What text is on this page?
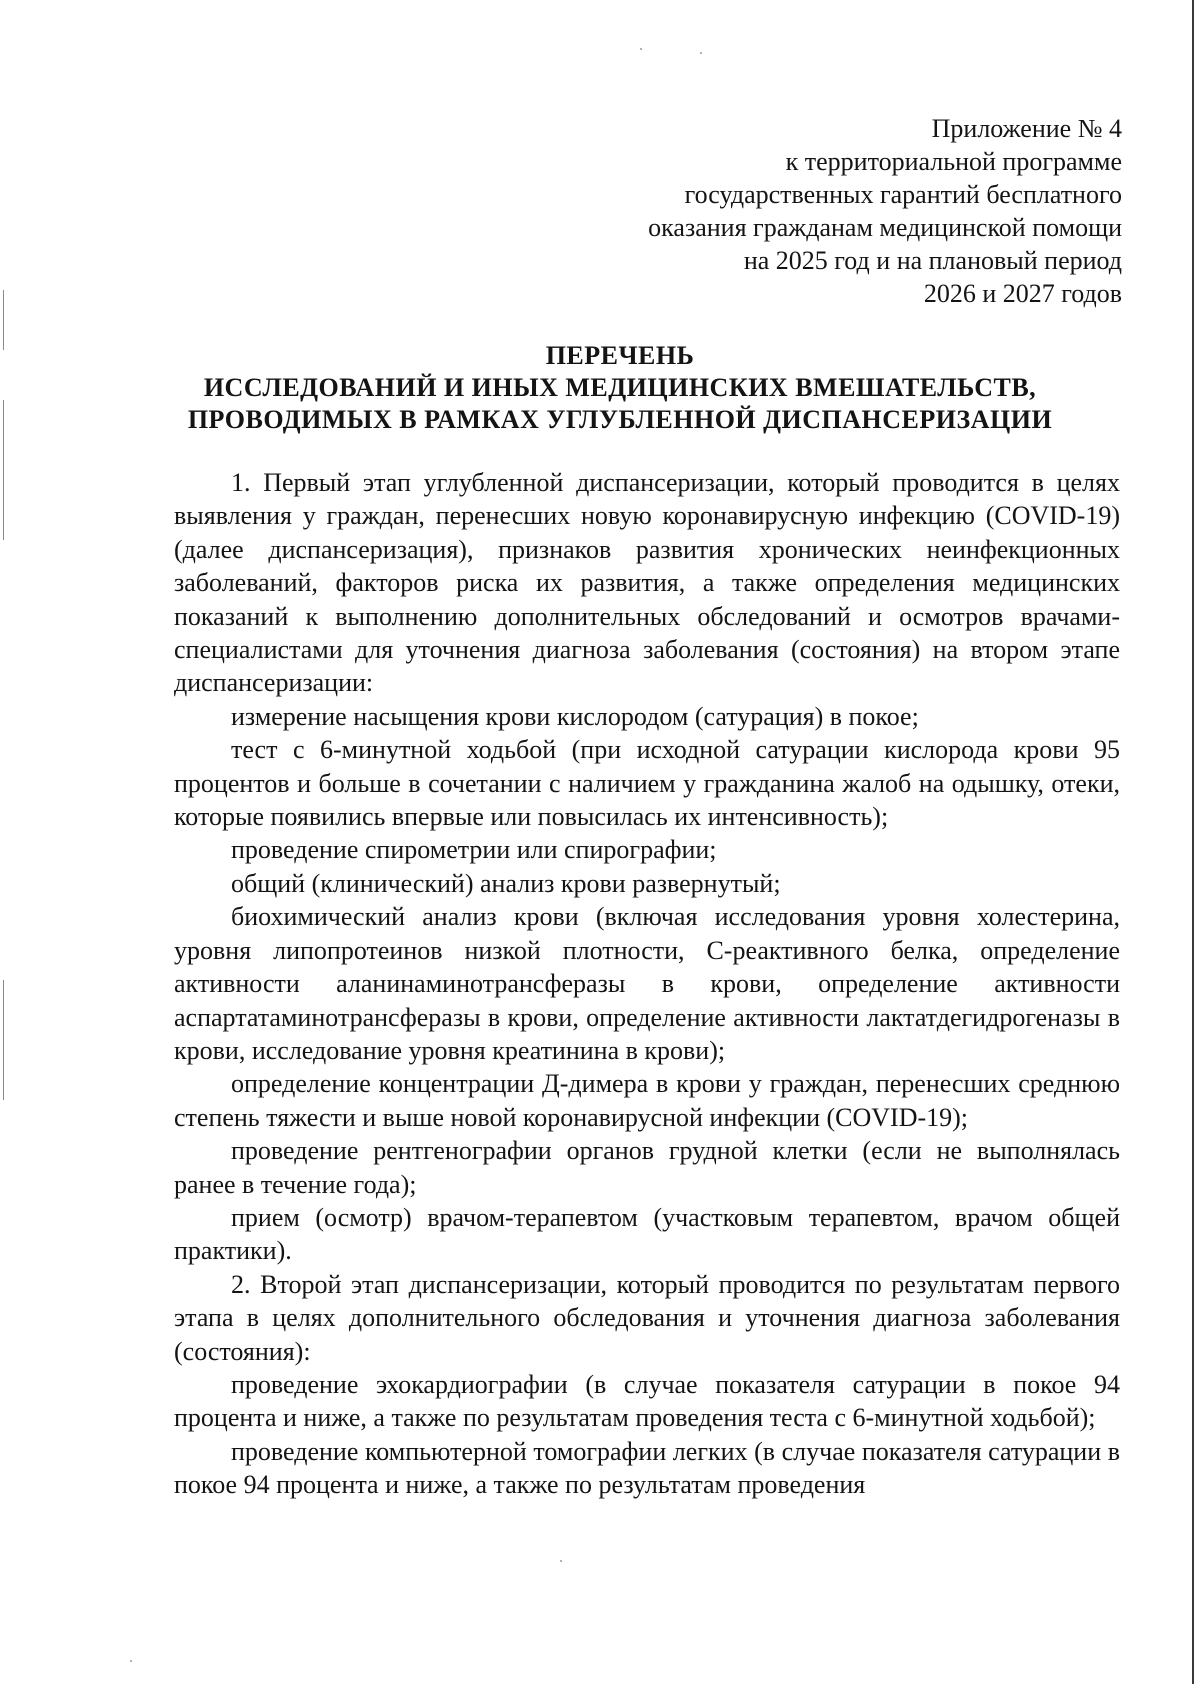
Приложение № 4
к территориальной программе
государственных гарантий бесплатного
оказания гражданам медицинской помощи
на 2025 год и на плановый период
2026 и 2027 годов
ПЕРЕЧЕНЬ
ИССЛЕДОВАНИЙ И ИНЫХ МЕДИЦИНСКИХ ВМЕШАТЕЛЬСТВ,
ПРОВОДИМЫХ В РАМКАХ УГЛУБЛЕННОЙ ДИСПАНСЕРИЗАЦИИ

1. Первый этап углубленной диспансеризации, который проводится в целях выявления у граждан, перенесших новую коронавирусную инфекцию (COVID-19) (далее диспансеризация), признаков развития хронических неинфекционных заболеваний, факторов риска их развития, а также определения медицинских показаний к выполнению дополнительных обследований и осмотров врачами-специалистами для уточнения диагноза заболевания (состояния) на втором этапе диспансеризации:

измерение насыщения крови кислородом (сатурация) в покое;

тест с 6-минутной ходьбой (при исходной сатурации кислорода крови 95 процентов и больше в сочетании с наличием у гражданина жалоб на одышку, отеки, которые появились впервые или повысилась их интенсивность);

проведение спирометрии или спирографии;

общий (клинический) анализ крови развернутый;

биохимический анализ крови (включая исследования уровня холестерина, уровня липопротеинов низкой плотности, С-реактивного белка, определение активности аланинаминотрансферазы в крови, определение активности аспартатаминотрансферазы в крови, определение активности лактатдегидрогеназы в крови, исследование уровня креатинина в крови);

определение концентрации Д-димера в крови у граждан, перенесших среднюю степень тяжести и выше новой коронавирусной инфекции (COVID-19);

проведение рентгенографии органов грудной клетки (если не выполнялась ранее в течение года);

прием (осмотр) врачом-терапевтом (участковым терапевтом, врачом общей практики).

2. Второй этап диспансеризации, который проводится по результатам первого этапа в целях дополнительного обследования и уточнения диагноза заболевания (состояния):

проведение эхокардиографии (в случае показателя сатурации в покое 94 процента и ниже, а также по результатам проведения теста с 6-минутной ходьбой);

проведение компьютерной томографии легких (в случае показателя сатурации в покое 94 процента и ниже, а также по результатам проведения
